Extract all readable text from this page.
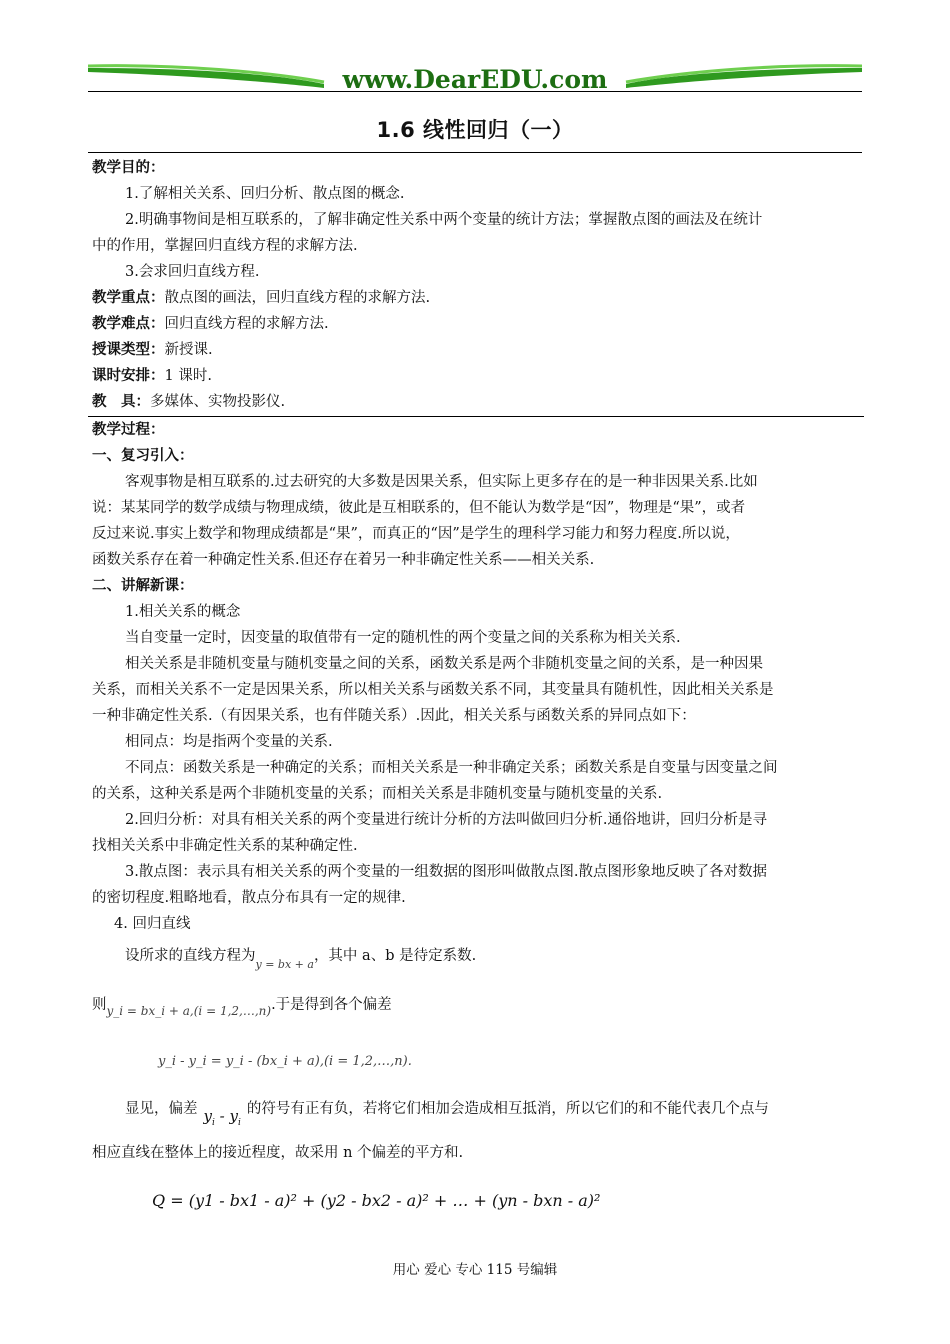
www.DearEDU.com
1.6 线性回归（一）
教学目的：
1.了解相关关系、回归分析、散点图的概念.
2.明确事物间是相互联系的，了解非确定性关系中两个变量的统计方法；掌握散点图的画法及在统计
中的作用，掌握回归直线方程的求解方法.
3.会求回归直线方程.
教学重点：散点图的画法，回归直线方程的求解方法.
教学难点：回归直线方程的求解方法.
授课类型：新授课.
课时安排：1 课时.
教　具：多媒体、实物投影仪.
教学过程：
一、复习引入：
客观事物是相互联系的.过去研究的大多数是因果关系，但实际上更多存在的是一种非因果关系.比如
说：某某同学的数学成绩与物理成绩，彼此是互相联系的，但不能认为数学是“因”，物理是“果”，或者
反过来说.事实上数学和物理成绩都是“果”，而真正的“因”是学生的理科学习能力和努力程度.所以说，
函数关系存在着一种确定性关系.但还存在着另一种非确定性关系——相关关系.
二、讲解新课：
1.相关关系的概念
当自变量一定时，因变量的取值带有一定的随机性的两个变量之间的关系称为相关关系.
相关关系是非随机变量与随机变量之间的关系，函数关系是两个非随机变量之间的关系，是一种因果
关系，而相关关系不一定是因果关系，所以相关关系与函数关系不同，其变量具有随机性，因此相关关系是
一种非确定性关系.（有因果关系，也有伴随关系）.因此，相关关系与函数关系的异同点如下：
相同点：均是指两个变量的关系.
不同点：函数关系是一种确定的关系；而相关关系是一种非确定关系；函数关系是自变量与因变量之间
的关系，这种关系是两个非随机变量的关系；而相关关系是非随机变量与随机变量的关系.
2.回归分析：对具有相关关系的两个变量进行统计分析的方法叫做回归分析.通俗地讲，回归分析是寻
找相关关系中非确定性关系的某种确定性.
3.散点图：表示具有相关关系的两个变量的一组数据的图形叫做散点图.散点图形象地反映了各对数据
的密切程度.粗略地看，散点分布具有一定的规律.
4. 回归直线
设所求的直线方程为$_{y = bx + a}$，其中 a、b 是待定系数.
则$_{y\_i = bx\_i + a,(i = 1,2,\dots,n)}$.于是得到各个偏差
y_i - y_i = y_i - (bx_i + a),(i = 1,2,…,n).
显见，偏差 $y_i - y_i$的符号有正有负，若将它们相加会造成相互抵消，所以它们的和不能代表几个点与
相应直线在整体上的接近程度，故采用 n 个偏差的平方和.
Q = (y1 - bx1 - a)² + (y2 - bx2 - a)² + … + (yn - bxn - a)²
用心 爱心 专心 115 号编辑
